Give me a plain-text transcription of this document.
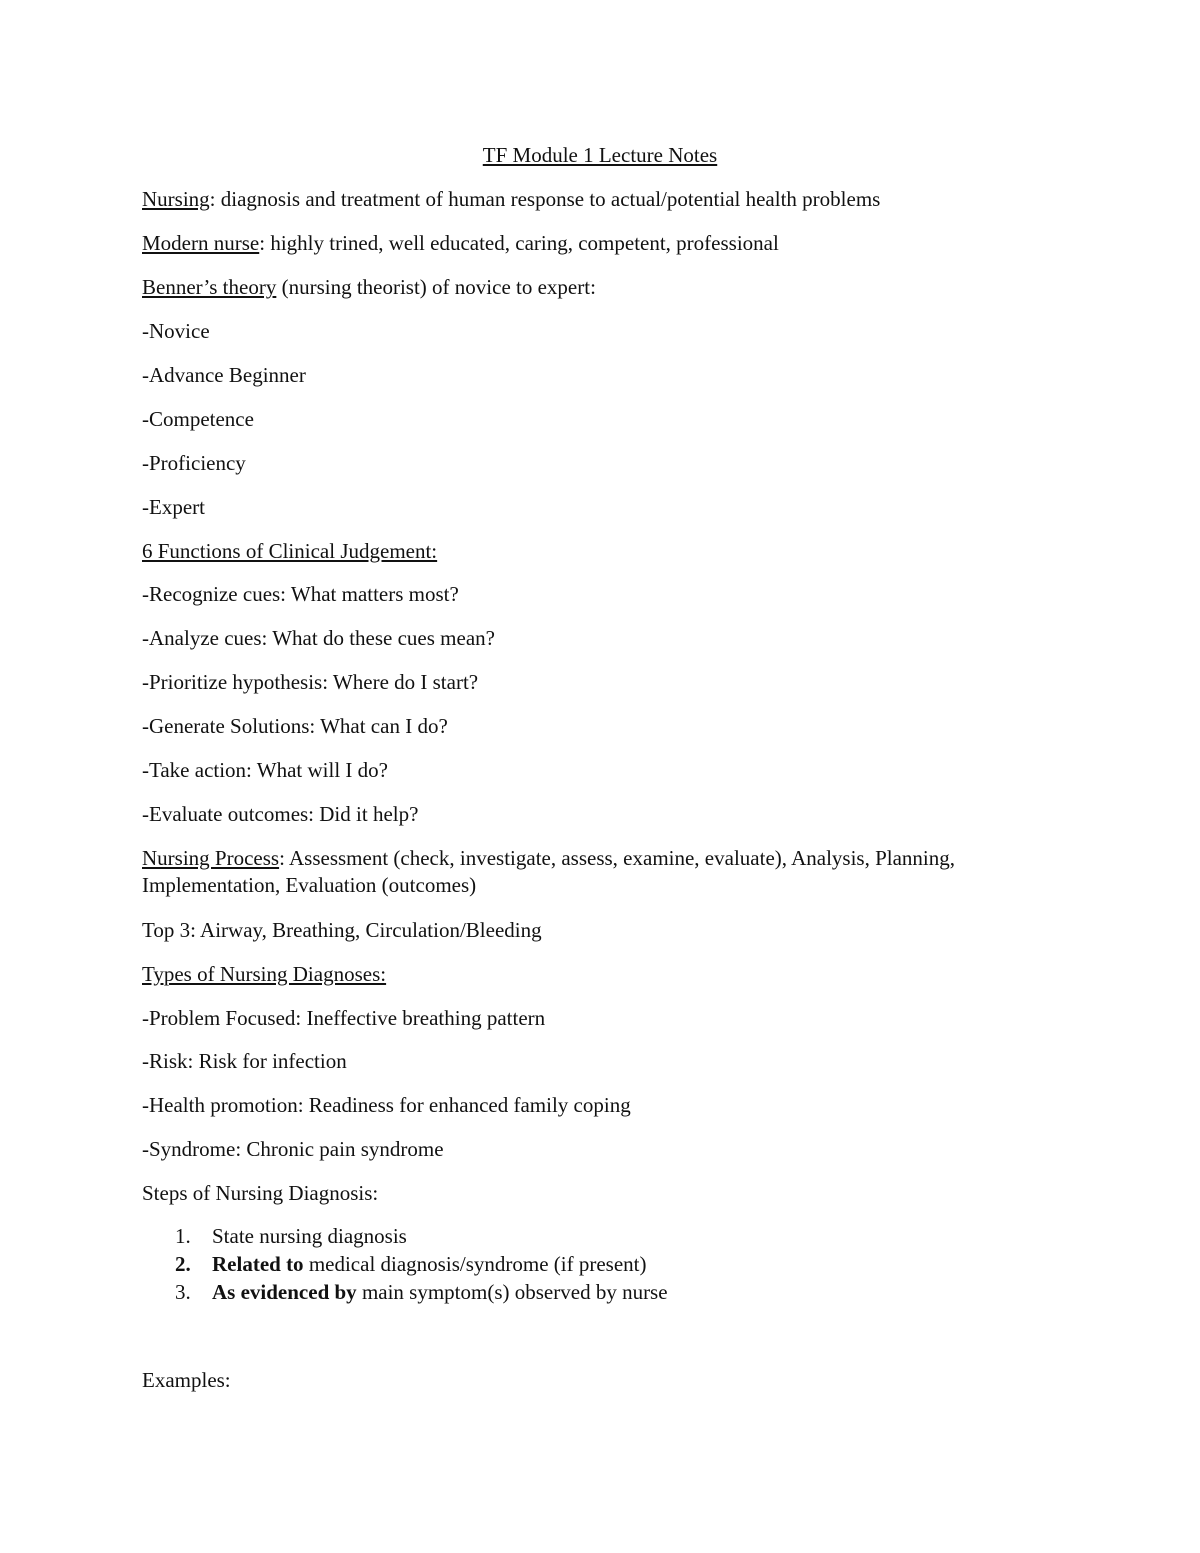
TF Module 1 Lecture Notes
Nursing: diagnosis and treatment of human response to actual/potential health problems
Modern nurse: highly trined, well educated, caring, competent, professional
Benner’s theory (nursing theorist) of novice to expert:
-Novice
-Advance Beginner
-Competence
-Proficiency
-Expert
6 Functions of Clinical Judgement:
-Recognize cues: What matters most?
-Analyze cues: What do these cues mean?
-Prioritize hypothesis: Where do I start?
-Generate Solutions: What can I do?
-Take action: What will I do?
-Evaluate outcomes: Did it help?
Nursing Process: Assessment (check, investigate, assess, examine, evaluate), Analysis, Planning,
Implementation, Evaluation (outcomes)
Top 3: Airway, Breathing, Circulation/Bleeding
Types of Nursing Diagnoses:
-Problem Focused: Ineffective breathing pattern
-Risk: Risk for infection
-Health promotion: Readiness for enhanced family coping
-Syndrome: Chronic pain syndrome
Steps of Nursing Diagnosis:
1. State nursing diagnosis
2. Related to medical diagnosis/syndrome (if present)
3. As evidenced by main symptom(s) observed by nurse
Examples:
